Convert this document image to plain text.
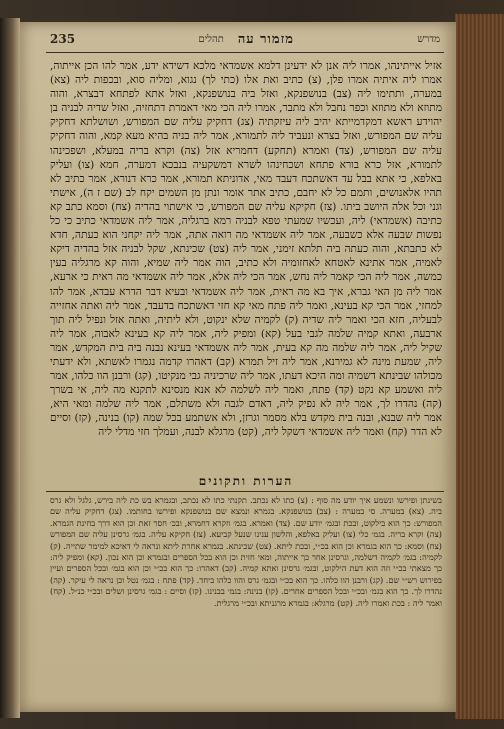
מדרש
מזמור עה
תהלים
235
אזיל אייתינהו, אמרו ליה אנן לא ידעינן דלמא אשמדאי מלכא דשידא ידע, אמר להו הכן אייתוה, אמרו ליה איתיה אמרו פלן, (צ) כתיב ואת אלו (כתי לך) נגוא, ומליה סוא, ובכפות ליה (צא) במערה, ותתימו ליה (צב) בנושפנקא, ואזל ביה בנושפנקא, ואזל אתא לפתחא דבצרא, והוה מתוזא ולא מתוזא וכפר נחבל ולא מתבר, אמרו ליה הכי מאי דאמרת דתחזיה, ואזל שדיה לבניה בן יהוידע ראשא דמקדמייתא יהיב ליה עיזקתיה (צג) דחקיק עליה שם המפורש, ושושלתא דחקיק עליה שם המפורש, ואזל בצרא ונעביד ליה לתמורא, אמר ליה בניה בהיא מעא קמא, והוה דחקיק עליה שם המפורש, (צד) ואמרא (תחקע) דחמריא אזל (צה) וקרא בריה במעלא, ושפכינהו לתמורא, אזל כרא בורא פתחא ושכחינהו לשרא דמשקעיה בנבכא דמערה, חמא (צו) ועליק באלפא, כי אתא בבל עד דאשתכח דעבד מאי, אדוניתא תמורא, אמר כרא דנורא, אמר כתיב לא תהיו אלאנושים, ותמם כל לא יחבם, כתיב אתר אומר ונתן מן השמים יקח לב (שם ז ה), אישתי וגני וכל אלה היושב ביתו. (צז) חקיקא עליה שם המפורש, כי אישתוי בהדיה (צח) וסמא כתב קא כתיבה (אשמדאי) ליה, ועכשיו שמעתי טפא לבניה רמא ברגליה, אמר ליה אשמדאי כתיב כי כל נפשות שבעה אלא כשבעה, אמר ליה אשמדאי מה רואה אתה, אמר ליה יקחני הוא כעתה, חדא לא כתבתא, והוה כעתה ביה תלתא זימני, אמר ליה (צט) שכינתא, שקל לבניה אזל בהדיה דיקא לאמיה, אמר אתינא לאטחא לאחזומיה ולא כתיב, הוה אמר ליה שמיא, והוה קא מרגליה בעין כמשה, אמר ליה הכי קאמר ליה נחש, אמר הכי ליה אלא, אמר ליה אשמדאי מה ראית כי ארעא, אמר ליה מן האי גברא, איך בא מה ראית, אמר ליה אשמדאי ובעיא דבר הדרא עבדא, אמר להו למחזי, אמר הכי קא בעינא, ואמר ליה פתח מאי קא חזי דאשתכח בדעבד, אמר ליה ואתה אחזייה לבעליה, חזא הכי ואמר ליה שדיה (ק) לקמיה שלא ינקוט, ולא ליתיה, ואתה אזל ונפיל ליה תוך ארבעה, ואתא קמיה שלמה לגבי בעל (קא) ומפיק ליה, אמר ליה קא בעינא לאבוה, אמר ליה שקיל ליה, אמר ליה שלמה מה קא בעית, אמר ליה אשמדאי בעינא נבנה ביה בית המקדש, אמר ליה, שמעת מינה לא גמירנא, אמר ליה זיל תמרא (קב) דאהרו קדמה נגמרו לאשתא, ולא ידעתי מכולהו שבינתא דשמיה ומה היכא דעתו, אמר ליה שרכיניה גבי מנקיטו, (קג) ורבנן הוו כלהו, אמר ליה ואשמע קא נקט (קד) פתח, ואמר ליה לשלמה לא אנא מנסינא לתקנא מה ליה, אי בשרך (קה) נהדרו לך, אמר ליה לא נפיק ליה, דאדם לגבה ולא משתלם, אמר ליה שלמה ומאי היא, אמר ליה שבנא, ובנה בית מקדש בלא מסמר וגרזן, ולא אשתמע בכל שמה (קו) בנינה, (קז) וסיים לא הדר (קח) ואמר ליה אשמדאי דשקל ליה, (קט) מרגלא לבנה, ועמלך חזי מדלי ליה
הערות ותקונים
בשינתן ופירשו ונשמע איך יודע מה סוף : (צ) כתו לא נכתב. תקנתי כתו לא נכתב, ובגמרא בש כת ליה בירש, גלגל ולא גרס ביה. (צא) במערה. סי במערה : (צב) בנושפנקא. בגמרא ונמצא שם בנושפנקא ופירשו בחותמו. (צג) דחקיק עליה שם המפורש: כך הוא בילקוט, ובכת ובגמ׳ יודע שם. (צד) ואמרא. בגמ׳ וזקרא דחמרא, ובכ׳ חסר זאת וכן הוא דרך בחינת הגמרא. (צה) וקרא בריה. בגמ׳ כלי (צו) ועליק באלפא, והלשון ענינו שנעל קביעא. (צז) חקיקא עליה. בגמ׳ גרסינן עליה שם המפורש (צח) וסמא: כך הוא בגמרא וכן הוא בכ״י, ובכת ליתא. (צט) שכינתא. בגמרא אחרת ליתא ונראה לי דאיכא למימר שתייה. (ק) לקמיה: בגמ׳ לקמיה דשלמה, וגרסינן אחר כך אייתוה, ומאי חזית וכן הוא בכל הספרים ובגמרא וכן הוא נכון. (קא) ומפיק ליה: כך מצאתי בכ״י וזה הוא דעת הילקוט, ובגמ׳ גרסינן ואתא קמיה. (קב) דאהרו: כך הוא בכ״י וכן הוא בגמ׳ ובכל הספרים ועיין בפירוש רש״י שם. (קג) ורבנן הוו כלהו. כך הוא בכ״י ובגמ׳ גרס והוו כלהו ביחד. (קד) פתח : בגמ׳ נטל וכן נראה לי עיקר. (קה) נהדרו לך. כך הוא בגמ׳ ובכ״י ובכל הספרים אחרים. (קו) בנינה: בגמ׳ בבנינו. (קז) וסיים : בגמ׳ גרסינן ושלים ובכ״י כנ״ל. (קח) ואמר ליה : בכת ואמרו ליה. (קט) מרגלא: בגמרא מרגניתא ובכ״י מרגלית.
